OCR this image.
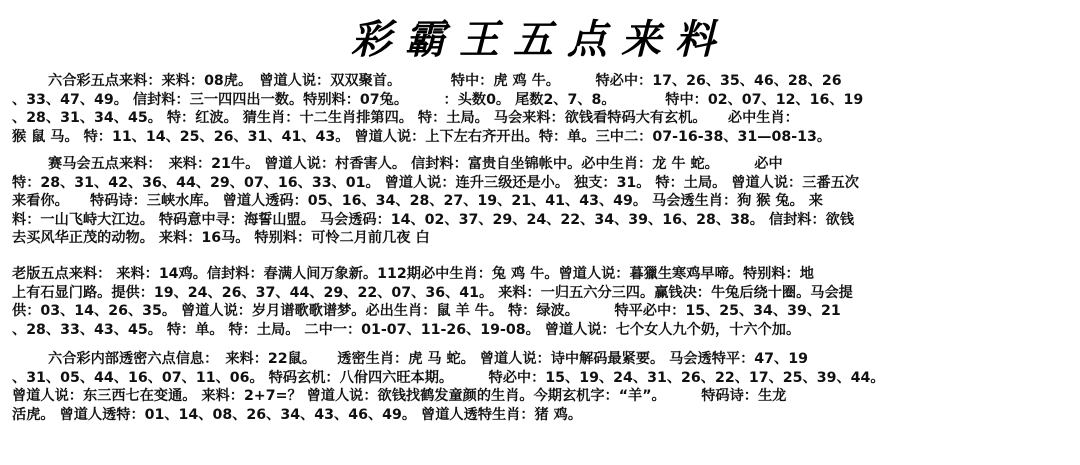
彩霸王五点来料
六合彩五点来料：来料：08虎。　曾道人说：双双聚首。　　　　特中：虎 鸡 牛。　　　特必中：17、26、35、46、28、26
、33、47、49。 信封料：三一四四出一数。特别料：07兔。　　　：头数0。 尾数2、7、8。　　　　特中：02、07、12、16、19
、28、31、34、45。 特：红波。 猜生肖：十二生肖排第四。 特：土局。 马会来料：欲钱看特码大有玄机。　　必中生肖：
猴 鼠 马。 特：11、14、25、26、31、41、43。 曾道人说：上下左右齐开出。特：单。三中二：07-16-38、31—08-13。
赛马会五点来料：　来料：21牛。 曾道人说：村香害人。 信封料：富贵自坐锦帐中。必中生肖：龙 牛 蛇。　　　必中
特：28、31、42、36、44、29、07、16、33、01。 曾道人说：连升三级还是小。 独支：31。 特：土局。 曾道人说：三番五次
来看你。　　特码诗：三峡水库。 曾道人透码：05、16、34、28、27、19、21、41、43、49。 马会透生肖：狗 猴 兔。 来
料：一山飞峙大江边。 特码意中寻：海誓山盟。 马会透码：14、02、37、29、24、22、34、39、16、28、38。 信封料：欲钱
去买风华正茂的动物。 来料：16马。 特别料：可怜二月前几夜 白
老版五点来料： 来料：14鸡。信封料：春满人间万象新。112期必中生肖：兔 鸡 牛。曾道人说：暮獵生寒鸡早啼。特别料：地
上有石显门路。提供：19、24、26、37、44、29、22、07、36、41。 来料：一归五六分三四。赢钱决：牛兔后绕十圈。马会提
供：03、14、26、35。 曾道人说：岁月谱歌歌谱梦。必出生肖：鼠 羊 牛。 特：绿波。　　　特平必中：15、25、34、39、21
、28、33、43、45。 特：单。 特：土局。 二中一：01-07、11-26、19-08。 曾道人说：七个女人九个奶，十六个加。
六合彩内部透密六点信息：　来料：22鼠。　　透密生肖：虎 马 蛇。 曾道人说：诗中解码最紧要。 马会透特平：47、19
、31、05、44、16、07、11、06。 特码玄机：八佾四六旺本期。　　　特必中：15、19、24、31、26、22、17、25、39、44。
曾道人说：东三西七在变通。 来料：2+7=？ 曾道人说：欲钱找鹤发童颜的生肖。今期玄机字：“羊”。　　　特码诗：生龙
活虎。 曾道人透特：01、14、08、26、34、43、46、49。 曾道人透特生肖：猪 鸡。
